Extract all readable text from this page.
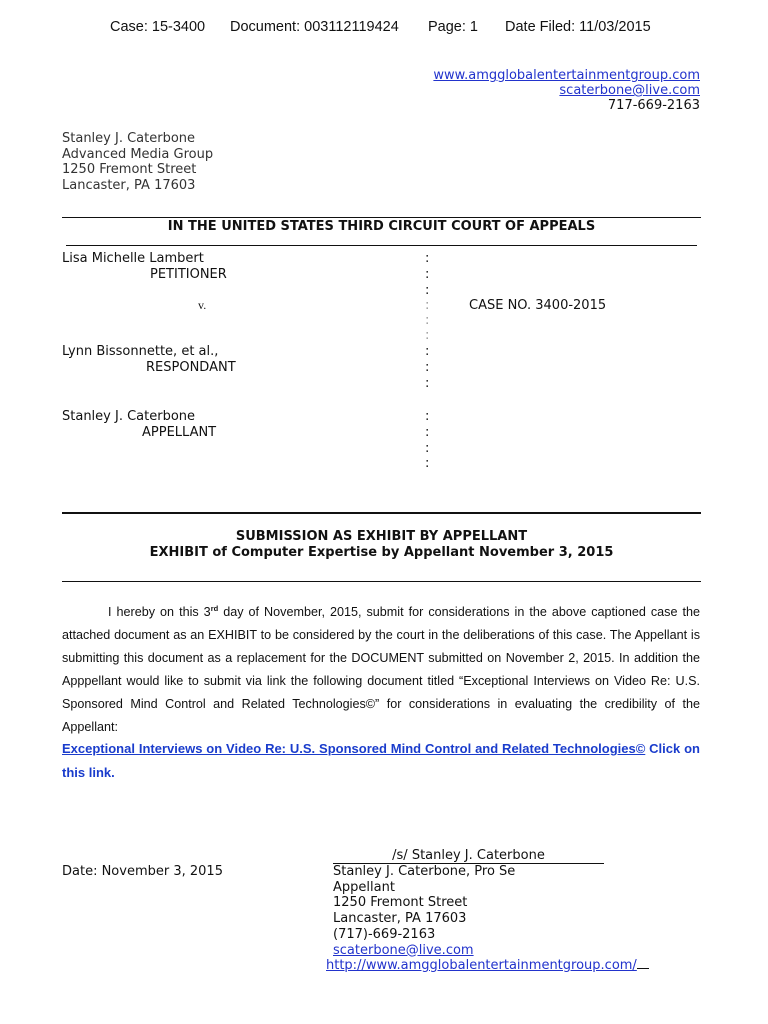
Case: 15-3400 Document: 003112119424 Page: 1 Date Filed: 11/03/2015
www.amgglobalentertainmentgroup.com
scaterbone@live.com
717-669-2163
Stanley J. Caterbone
Advanced Media Group
1250 Fremont Street
Lancaster, PA 17603
IN THE UNITED STATES THIRD CIRCUIT COURT OF APPEALS
Lisa Michelle Lambert
PETITIONER
v.	CASE NO. 3400-2015
Lynn Bissonnette, et al.,
RESPONDANT
Stanley J. Caterbone
APPELLANT
:
:
:
:
:
:
:
:
:
:
:
:
:
SUBMISSION AS EXHIBIT BY APPELLANT
EXHIBIT of Computer Expertise by Appellant November 3, 2015
I hereby on this 3rd day of November, 2015, submit for considerations in the above captioned case the attached document as an EXHIBIT to be considered by the court in the deliberations of this case. The Appellant is submitting this document as a replacement for the DOCUMENT submitted on November 2, 2015. In addition the Apppellant would like to submit via link the following document titled “Exceptional Interviews on Video Re: U.S. Sponsored Mind Control and Related Technologies©” for considerations in evaluating the credibility of the Appellant:
Exceptional Interviews on Video Re: U.S. Sponsored Mind Control and Related Technologies© Click on this link.
/s/ Stanley J. Caterbone
Date: November 3, 2015	Stanley J. Caterbone, Pro Se
Appellant
1250 Fremont Street
Lancaster, PA 17603
(717)-669-2163
scaterbone@live.com
http://www.amgglobalentertainmentgroup.com/
